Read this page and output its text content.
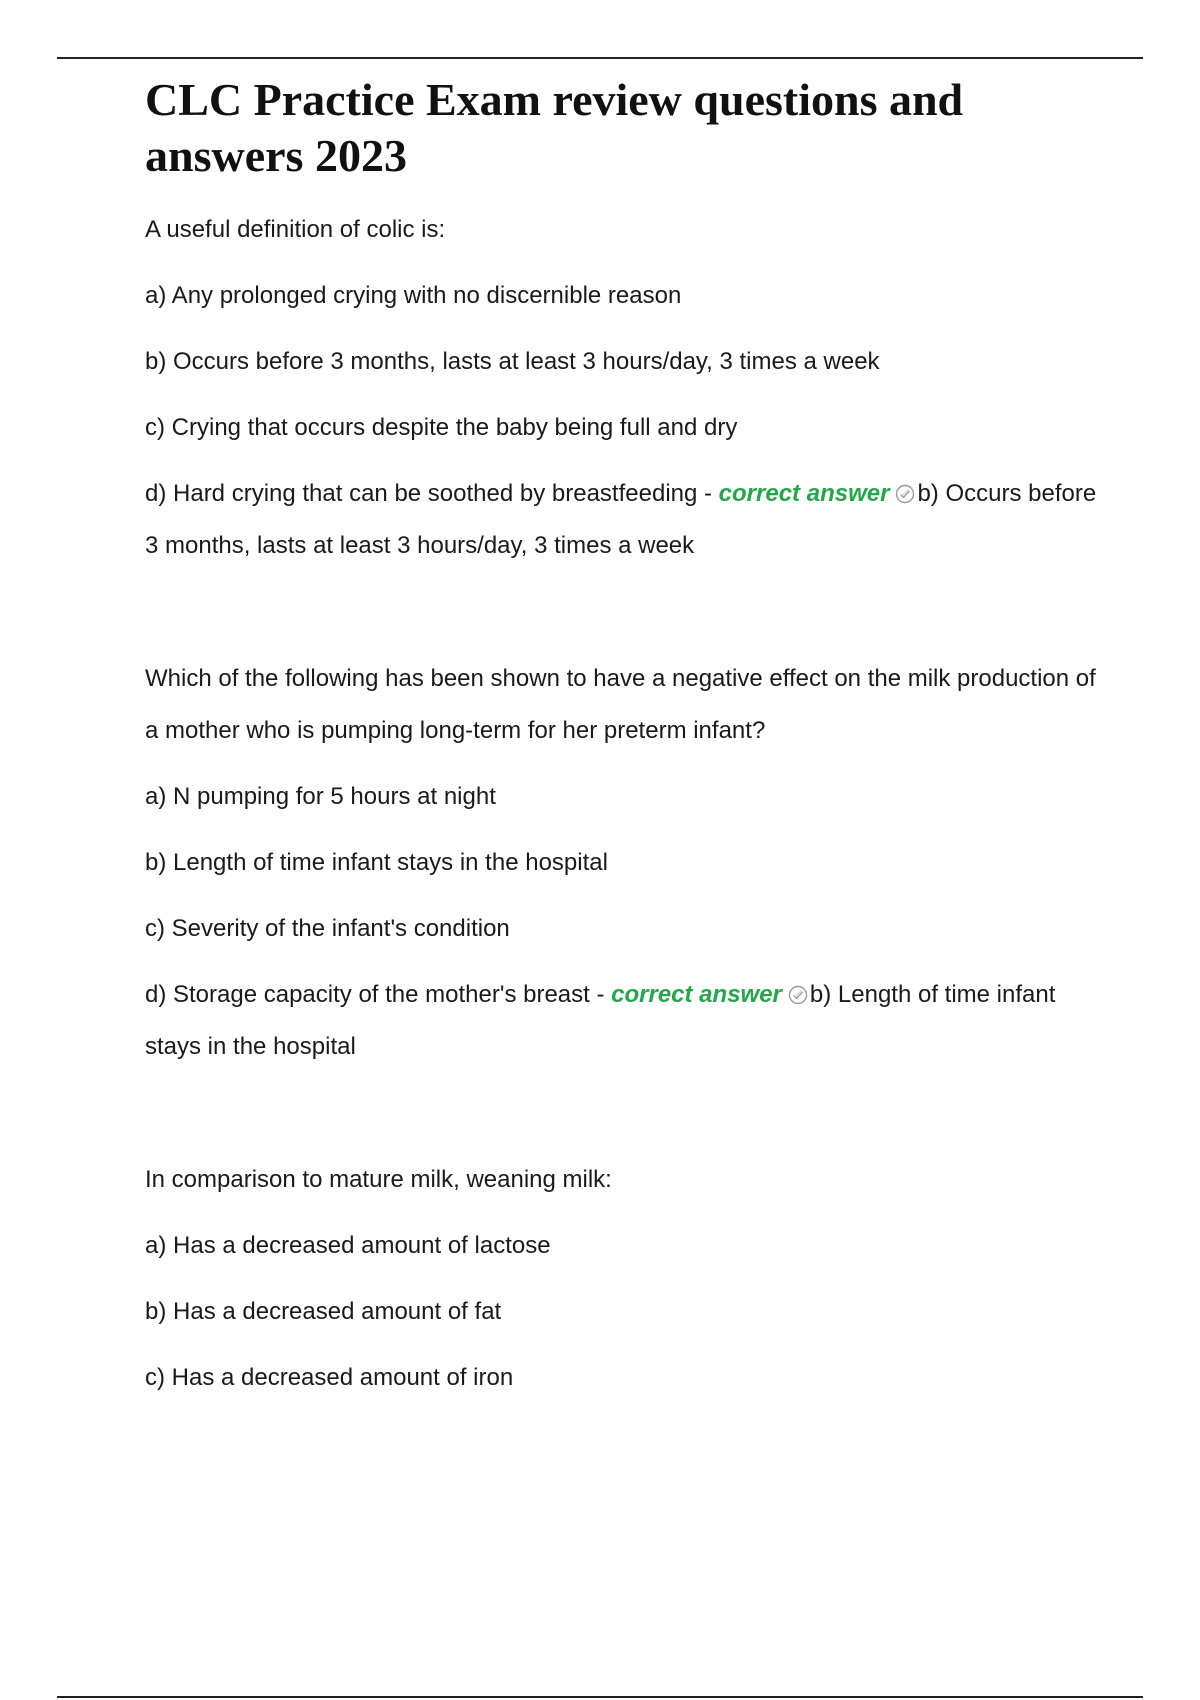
CLC Practice Exam review questions and answers 2023

A useful definition of colic is:

a) Any prolonged crying with no discernible reason

b) Occurs before 3 months, lasts at least 3 hours/day, 3 times a week

c) Crying that occurs despite the baby being full and dry

d) Hard crying that can be soothed by breastfeeding - correct answer b) Occurs before 3 months, lasts at least 3 hours/day, 3 times a week

Which of the following has been shown to have a negative effect on the milk production of a mother who is pumping long-term for her preterm infant?

a) N pumping for 5 hours at night

b) Length of time infant stays in the hospital

c) Severity of the infant's condition

d) Storage capacity of the mother's breast - correct answer b) Length of time infant stays in the hospital

In comparison to mature milk, weaning milk:

a) Has a decreased amount of lactose

b) Has a decreased amount of fat

c) Has a decreased amount of iron
